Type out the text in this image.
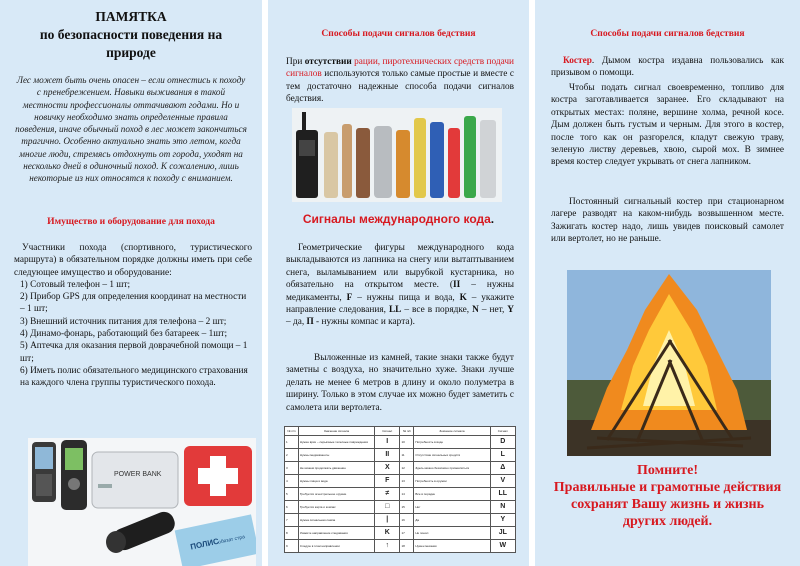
ПАМЯТКА
по безопасности поведения на природе

Лес может быть очень опасен – если отнестись к походу с пренебрежением. Навыки выживания в такой местности профессионалы оттачивают годами. Но и новичку необходимо знать определенные правила поведения, иначе обычный поход в лес может закончиться трагично. Особенно актуально знать это летом, когда многие люди, стремясь отдохнуть от города, уходят на несколько дней в одиночный поход. К сожалению, лишь некоторые из них относятся к походу с вниманием.

Имущество и оборудование для похода

Участники похода (спортивного, туристического маршрута) в обязательном порядке должны иметь при себе следующее имущество и оборудование:

1) Сотовый телефон – 1 шт;

2) Прибор GPS для определения координат на местности – 1 шт;

3) Внешний источник питания для телефона – 2 шт;

4) Динамо-фонарь, работающий без батареек – 1шт;

5) Аптечка для оказания первой доврачебной помощи – 1 шт;

6) Иметь полис обязательного медицинского страхования на каждого члена группы туристического похода.

POWER BANK
ПОЛИС
обязат стра

Способы подачи сигналов бедствия

При отсутствии рации, пиротехнических средств подачи сигналов используются только самые простые и вместе с тем достаточно надежные способа подачи сигналов бедствия.

Сигналы международного кода.

Геометрические фигуры международного кода выкладываются из лапника на снегу или вытаптыванием снега, выламыванием или вырубкой кустарника, но обязательно на открытом месте. (II – нужны медикаменты, F – нужны пища и вода, K – укажите направление следования, LL – все в порядке, N – нет, Y – да, П - нужны компас и карта).

Выложенные из камней, такие знаки также будут заметны с воздуха, но значительно хуже. Знаки лучше делать не менее 6 метров в длину и около полуметра в ширину. Только в этом случае их можно будет заметить с самолета или вертолета.

№ п/п	Значение сигнала	Сигнал	№ п/п	Значение сигнала	Сигнал
1	Нужен врач – серьёзные телесные повреждения	I	10	Потребность в воде	D
2	Нужны медикаменты	II	11	Отсутствие сигнальных средств	L
3	Не можем продолжать движение	X	12	Здесь можно безопасно приземлиться	Δ
4	Нужны пища и вода	F	13	Потребность в оружии	V
5	Требуется огнестрельное оружие	≠	14	Все в порядке	LL
6	Требуется карта и компас	□	15	Нет	N
7	Нужна сигнальная лампа	|	16	Да	Y
8	Укажите направление следования	K	17	Не понял	JL
9	Следую в этом направлении	↑	18	Нужен механик	W

Способы подачи сигналов бедствия

Костер. Дымом костра издавна пользовались как призывом о помощи.

Чтобы подать сигнал своевременно, топливо для костра заготавливается заранее. Его складывают на открытых местах: поляне, вершине холма, речной косе. Дым должен быть густым и черным. Для этого в костер, после того как он разгорелся, кладут свежую траву, зеленую листву деревьев, хвою, сырой мох. В зимнее время костер следует укрывать от снега лапником.

Постоянный сигнальный костер при стационарном лагере разводят на каком-нибудь возвышенном месте. Зажигать костер надо, лишь увидев поисковый самолет или вертолет, но не раньше.

Помните!
Правильные и грамотные действия сохранят Вашу жизнь и жизнь других людей.
